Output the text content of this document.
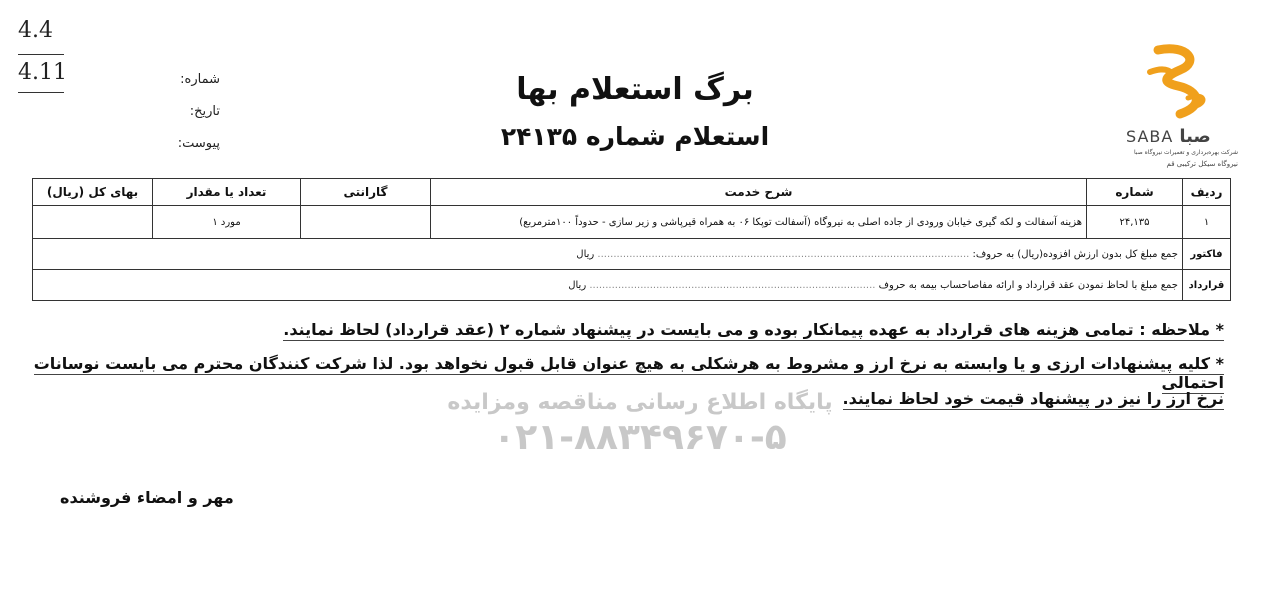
پایگاه اطلاع رسانی مناقصه ومزایده
۰۲۱-۸۸۳۴۹۶۷۰-۵
4.4
4.11	شماره:
تاریخ:
پیوست:
برگ استعلام بها
استعلام شماره ۲۴۱۳۵	SABA صبا
شرکت بهره‌برداری و تعمیرات نیروگاه صبا
نیروگاه سیکل ترکیبی قم
ردیف	شماره	شرح خدمت	گارانتی	تعداد یا مقدار	بهای کل (ریال)
۱	۲۴,۱۳۵	هزینه آسفالت و لکه گیری خیابان ورودی از جاده اصلی به نیروگاه (آسفالت توپکا ۰۶ به همراه قیرپاشی و زیر سازی - حدوداً ۱۰۰مترمربع)		مورد ۱	
فاکتور	جمع مبلغ کل بدون ارزش افزوده(ریال) به حروف: ..................................................................................................................... ریال				
قرارداد	جمع مبلغ با لحاظ نمودن عقد قرارداد و ارائه مفاصاحساب بیمه به حروف .......................................................................................... ریال				
* ملاحظه : تمامی هزینه های قرارداد به عهده پیمانکار بوده و می بایست در پیشنهاد شماره ۲ (عقد قرارداد) لحاظ نمایند.
* کلیه پیشنهادات ارزی و یا وابسته به نرخ ارز و مشروط به هرشکلی به هیچ عنوان قابل قبول نخواهد بود. لذا شرکت کنندگان محترم می بایست نوسانات احتمالی
نرخ ارز را نیز در پیشنهاد قیمت خود لحاظ نمایند.
مهر و امضاء فروشنده
